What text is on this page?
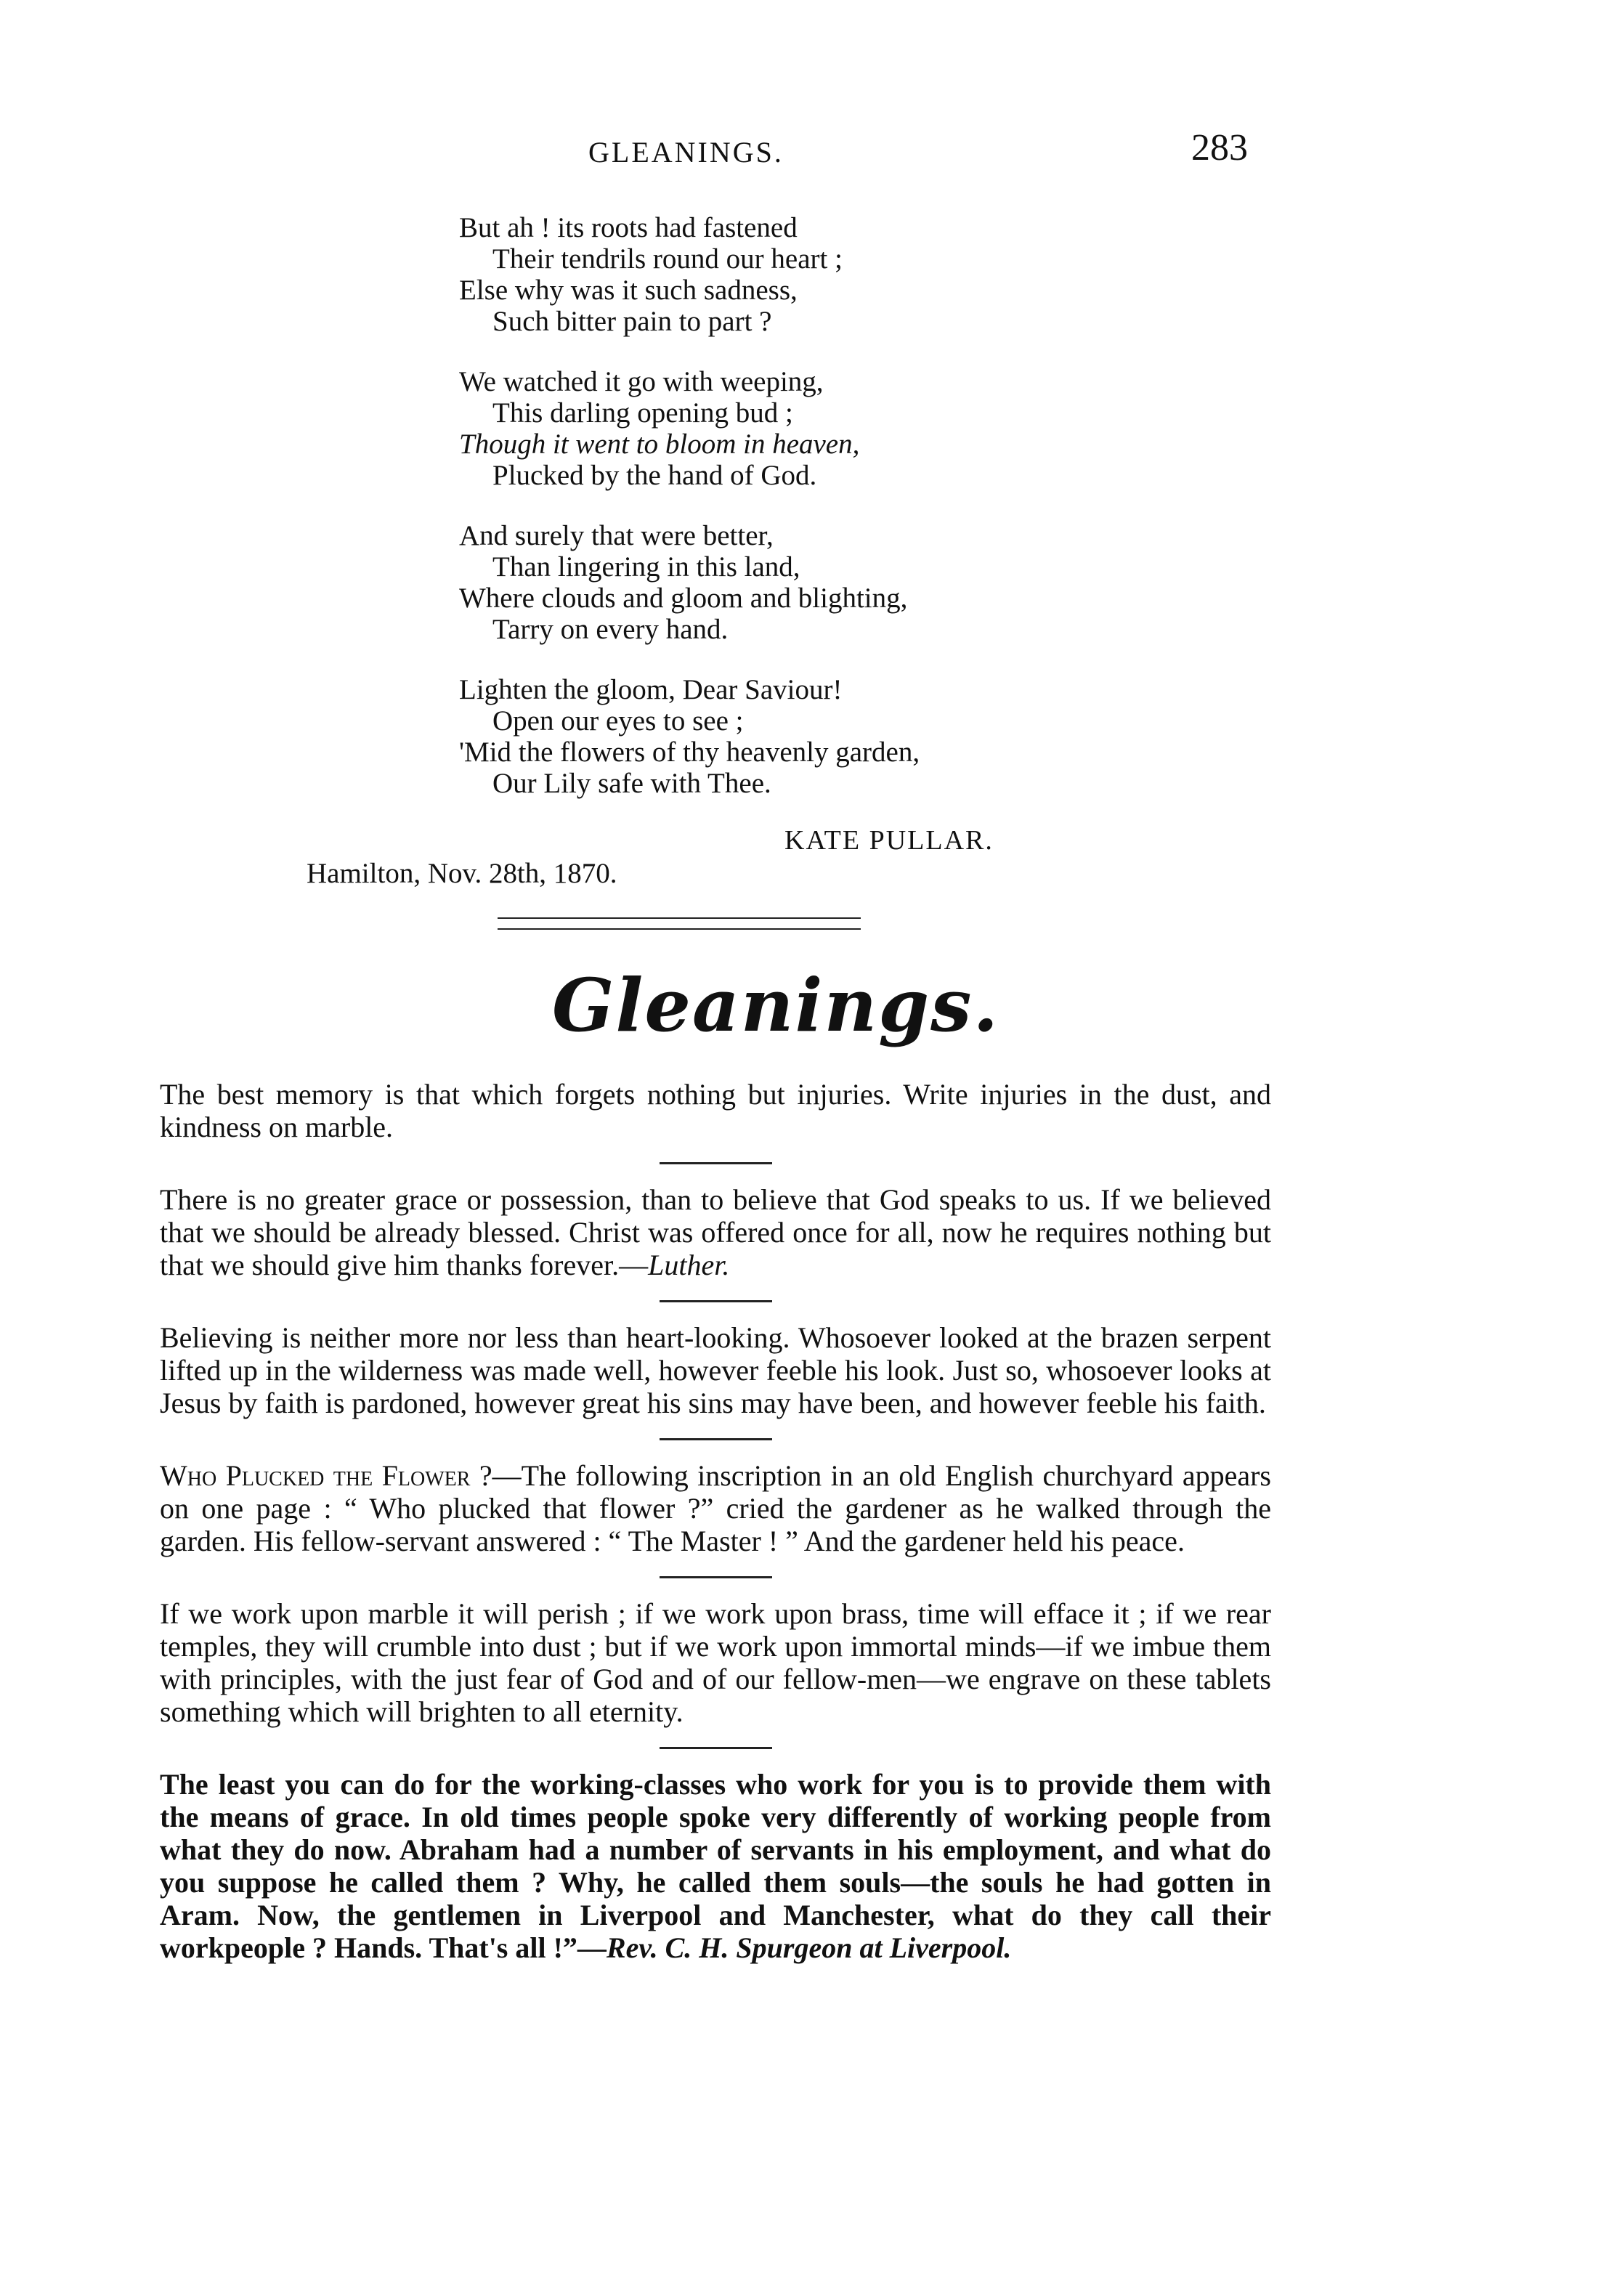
GLEANINGS.	283
But ah ! its roots had fastened
Their tendrils round our heart ;
Else why was it such sadness,
Such bitter pain to part ?
We watched it go with weeping,
This darling opening bud ;
Though it went to bloom in heaven,
Plucked by the hand of God.
And surely that were better,
Than lingering in this land,
Where clouds and gloom and blighting,
Tarry on every hand.
Lighten the gloom, Dear Saviour!
Open our eyes to see ;
'Mid the flowers of thy heavenly garden,
Our Lily safe with Thee.
KATE PULLAR.
Hamilton, Nov. 28th, 1870.
Gleanings.

The best memory is that which forgets nothing but injuries. Write injuries in the dust, and kindness on marble.

There is no greater grace or possession, than to believe that God speaks to us. If we believed that we should be already blessed. Christ was offered once for all, now he requires nothing but that we should give him thanks forever.—Luther.

Believing is neither more nor less than heart-looking. Whosoever looked at the brazen serpent lifted up in the wilderness was made well, however feeble his look. Just so, whosoever looks at Jesus by faith is pardoned, however great his sins may have been, and however feeble his faith.

Who Plucked the Flower ?—The following inscription in an old English churchyard appears on one page : “ Who plucked that flower ?” cried the gardener as he walked through the garden. His fellow-servant answered : “ The Master ! ” And the gardener held his peace.

If we work upon marble it will perish ; if we work upon brass, time will efface it ; if we rear temples, they will crumble into dust ; but if we work upon immortal minds—if we imbue them with principles, with the just fear of God and of our fellow-men—we engrave on these tablets something which will brighten to all eternity.

The least you can do for the working-classes who work for you is to provide them with the means of grace. In old times people spoke very differently of working people from what they do now. Abraham had a number of servants in his employment, and what do you suppose he called them ? Why, he called them souls—the souls he had gotten in Aram. Now, the gentlemen in Liverpool and Manchester, what do they call their workpeople ? Hands. That's all !”—Rev. C. H. Spurgeon at Liverpool.
